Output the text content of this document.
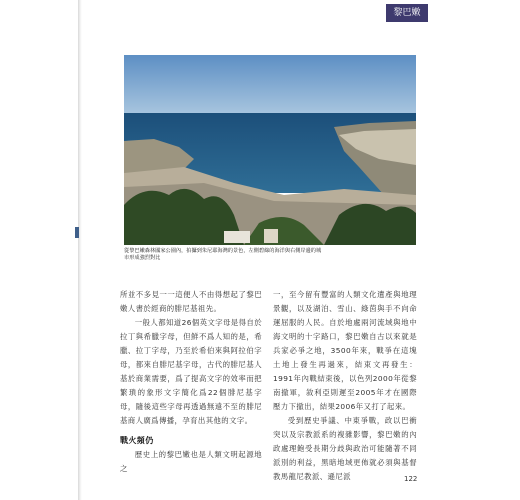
黎巴嫩
從黎巴嫩森林國家公園內，拍攝到朱尼耶海灣的景色，左側碧綠的海洋與右側岸邊的城市形成強烈對比

所並不多見一一這便人不由得想起了黎巴嫩人書於經商的腓尼基祖先。

一般人都知道26個英文字母是得自於拉丁與希臘字母，但鮮不爲人知的是，希臘、拉丁字母，乃至於希伯來與阿拉伯字母，都來自腓尼基字母，古代的腓尼基人基於商業需要，爲了提高文字的效率而把繁瑣的象形文字簡化爲22個腓尼基字母，隨後這些字母再透過無遠不至的腓尼基商人廣爲傳播，孕育出其他的文字。

戰火頻仍

歷史上的黎巴嫩也是人類文明起源地之

一，至今留有豐富的人類文化遺產與地理景觀，以及湖泊、雪山、綠茵與手不向命運屈服的人民。自於地處兩河流域與地中海文明的十字路口，黎巴嫩自古以來就是兵家必爭之地，3500年來，戰爭在這塊土地上發生再過來，結束文再發生：1991年內戰結束後，以色列2000年從黎南撤軍，敘利亞則遲至2005年才在國際壓力下撤出，結果2006年又打了起來。

受到歷史爭議、中東爭戰，政以巴衝突以及宗教派系的複雜影響，黎巴嫩的內政處理飽受長期分歧與政治可能隨著不同派別的利益，黑暗地域更佈就必須與基督教馬龍尼教派、遜尼派	122
